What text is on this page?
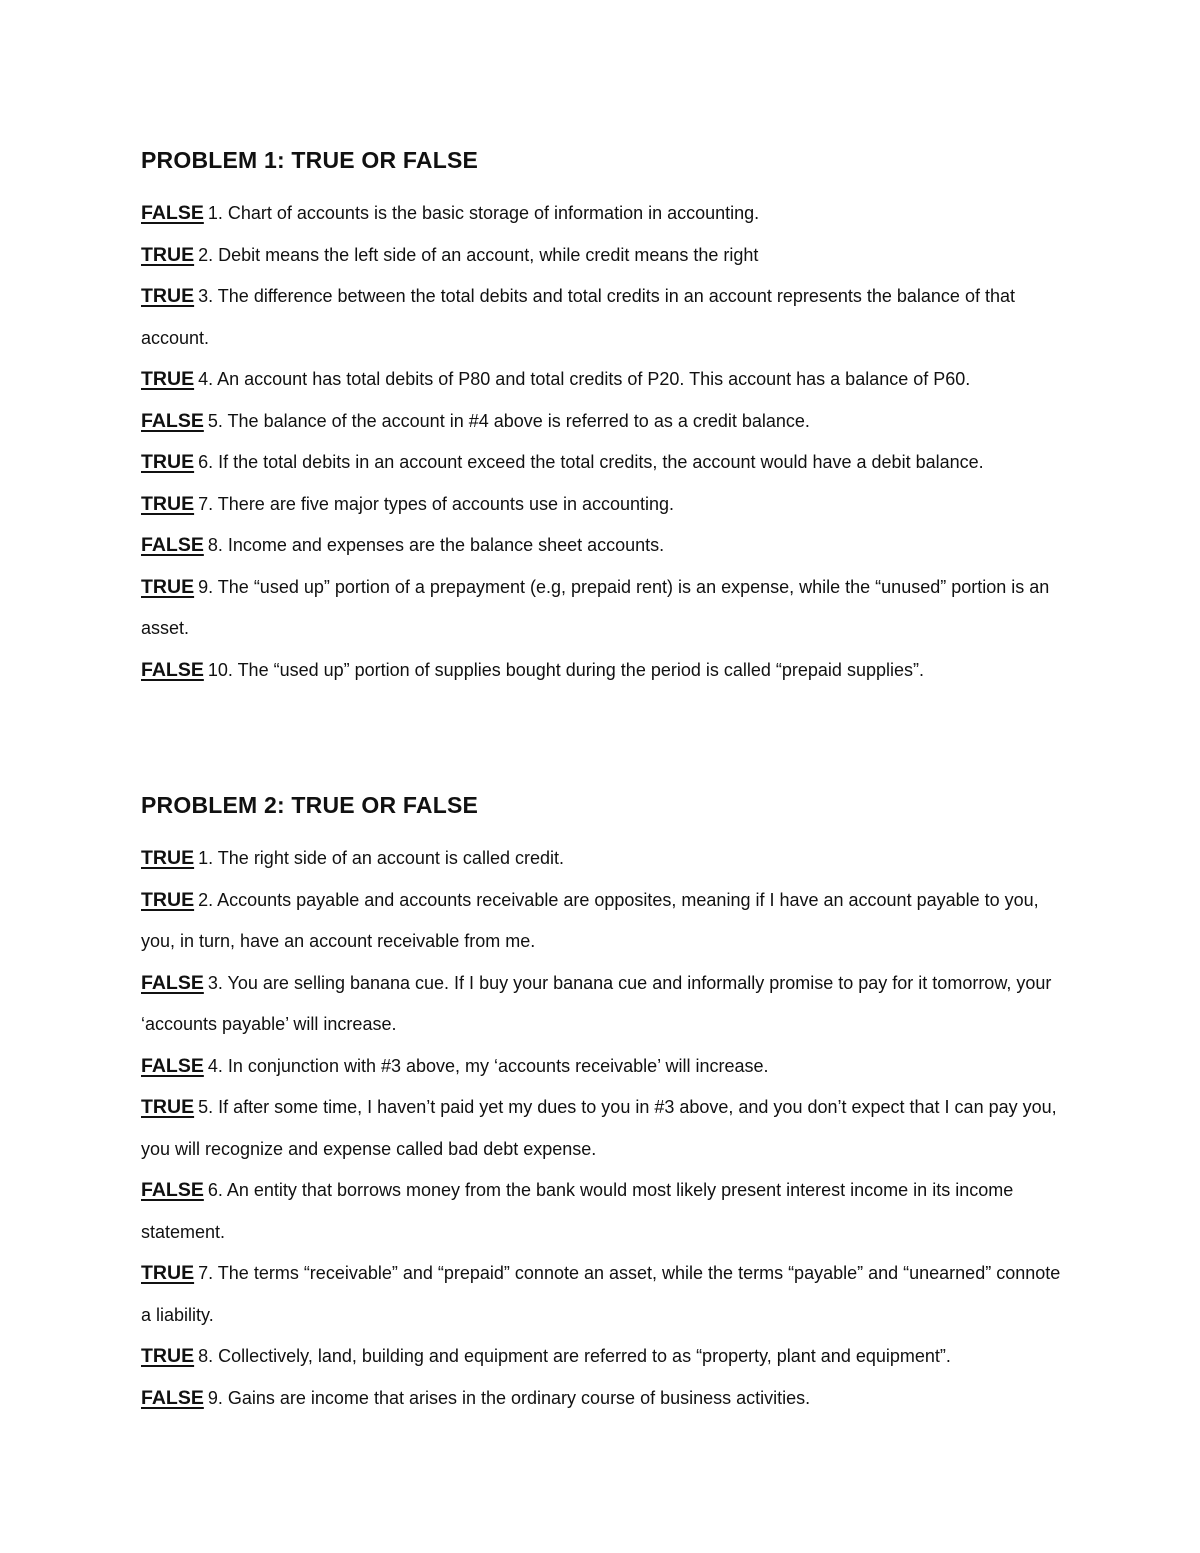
PROBLEM 1: TRUE OR FALSE

FALSE 1 . Chart of accounts is the basic storage of information in accounting.

TRUE 2 . Debit means the left side of an account, while credit means the right

TRUE 3 . The difference between the total debits and total credits in an account represents the balance of that account.

TRUE 4 . An account has total debits of P80 and total credits of P20. This account has a balance of P60.

FALSE 5 . The balance of the account in #4 above is referred to as a credit balance.

TRUE 6 . If the total debits in an account exceed the total credits, the account would have a debit balance.

TRUE 7 . There are five major types of accounts use in accounting.

FALSE 8 . Income and expenses are the balance sheet accounts.

TRUE 9 . The “used up” portion of a prepayment (e.g, prepaid rent) is an expense, while the “unused” portion is an asset.

FALSE 10 . The “used up” portion of supplies bought during the period is called “prepaid supplies”.

PROBLEM 2: TRUE OR FALSE

TRUE 1 . The right side of an account is called credit.

TRUE 2 . Accounts payable and accounts receivable are opposites, meaning if I have an account payable to you, you, in turn, have an account receivable from me.

FALSE 3 . You are selling banana cue. If I buy your banana cue and informally promise to pay for it tomorrow, your ‘accounts payable’ will increase.

FALSE 4 . In conjunction with #3 above, my ‘accounts receivable’ will increase.

TRUE 5 . If after some time, I haven’t paid yet my dues to you in #3 above, and you don’t expect that I can pay you, you will recognize and expense called bad debt expense.

FALSE 6 . An entity that borrows money from the bank would most likely present interest income in its income statement.

TRUE 7 . The terms “receivable” and “prepaid” connote an asset, while the terms “payable” and “unearned” connote a liability.

TRUE 8 . Collectively, land, building and equipment are referred to as “property, plant and equipment”.

FALSE 9 . Gains are income that arises in the ordinary course of business activities.
